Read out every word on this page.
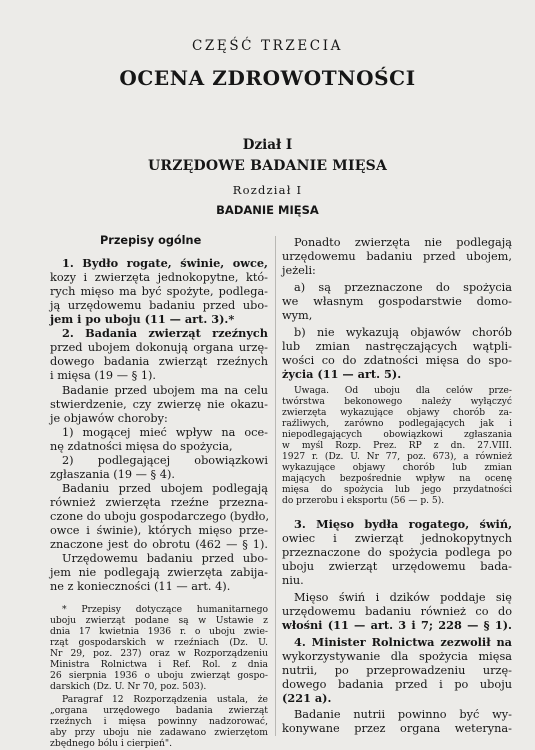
CZĘŚĆ TRZECIA
OCENA ZDROWOTNOŚCI
Dział I
URZĘDOWE BADANIE MIĘSA
Rozdział I
BADANIE MIĘSA
Przepisy ogólne
1. Bydło rogate, świnie, owce,
kozy i zwierzęta jednokopytne, któ-
rych mięso ma być spożyte, podlega-
ją urzędowemu badaniu przed ubo-
jem i po uboju (11 — art. 3).*
2. Badania zwierząt rzeźnych
przed ubojem dokonują organa urzę-
dowego badania zwierząt rzeźnych
i mięsa (19 — § 1).
Badanie przed ubojem ma na celu
stwierdzenie, czy zwierzę nie okazu-
je objawów choroby:
1) mogącej mieć wpływ na oce-
nę zdatności mięsa do spożycia,
2) podlegającej obowiązkowi
zgłaszania (19 — § 4).
Badaniu przed ubojem podlegają
również zwierzęta rzeźne przezna-
czone do uboju gospodarczego (bydło,
owce i świnie), których mięso prze-
znaczone jest do obrotu (462 — § 1).
Urzędowemu badaniu przed ubo-
jem nie podlegają zwierzęta zabija-
ne z konieczności (11 — art. 4).
* Przepisy dotyczące humanitarnego
uboju zwierząt podane są w Ustawie z
dnia 17 kwietnia 1936 r. o uboju zwie-
rząt gospodarskich w rzeźniach (Dz. U.
Nr 29, poz. 237) oraz w Rozporządzeniu
Ministra Rolnictwa i Ref. Rol. z dnia
26 sierpnia 1936 o uboju zwierząt gospo-
darskich (Dz. U. Nr 70, poz. 503).
Paragraf 12 Rozporządzenia ustala, że
„organa urzędowego badania zwierząt
rzeźnych i mięsa powinny nadzorować,
aby przy uboju nie zadawano zwierzętom
zbędnego bólu i cierpień".
Ponadto zwierzęta nie podlegają
urzędowemu badaniu przed ubojem,
jeżeli:
a) są przeznaczone do spożycia
we własnym gospodarstwie domo-
wym,
b) nie wykazują objawów chorób
lub zmian nastręczających wątpli-
wości co do zdatności mięsa do spo-
życia (11 — art. 5).
Uwaga. Od uboju dla celów prze-
twórstwa bekonowego należy wyłączyć
zwierzęta wykazujące objawy chorób za-
raźliwych, zarówno podlegających jak i
niepodlegających obowiązkowi zgłaszania
w myśl Rozp. Prez. RP z dn. 27.VIII.
1927 r. (Dz. U. Nr 77, poz. 673), a również
wykazujące objawy chorób lub zmian
mających bezpośrednie wpływ na ocenę
mięsa do spożycia lub jego przydatności
do przerobu i eksportu (56 — p. 5).
3. Mięso bydła rogatego, świń,
owiec i zwierząt jednokopytnych
przeznaczone do spożycia podlega po
uboju zwierząt urzędowemu bada-
niu.
Mięso świń i dzików poddaje się
urzędowemu badaniu również co do
włośni (11 — art. 3 i 7; 228 — § 1).
4. Minister Rolnictwa zezwolił na
wykorzystywanie dla spożycia mięsa
nutrii, po przeprowadzeniu urzę-
dowego badania przed i po uboju
(221 a).
Badanie nutrii powinno być wy-
konywane przez organa weteryna-
